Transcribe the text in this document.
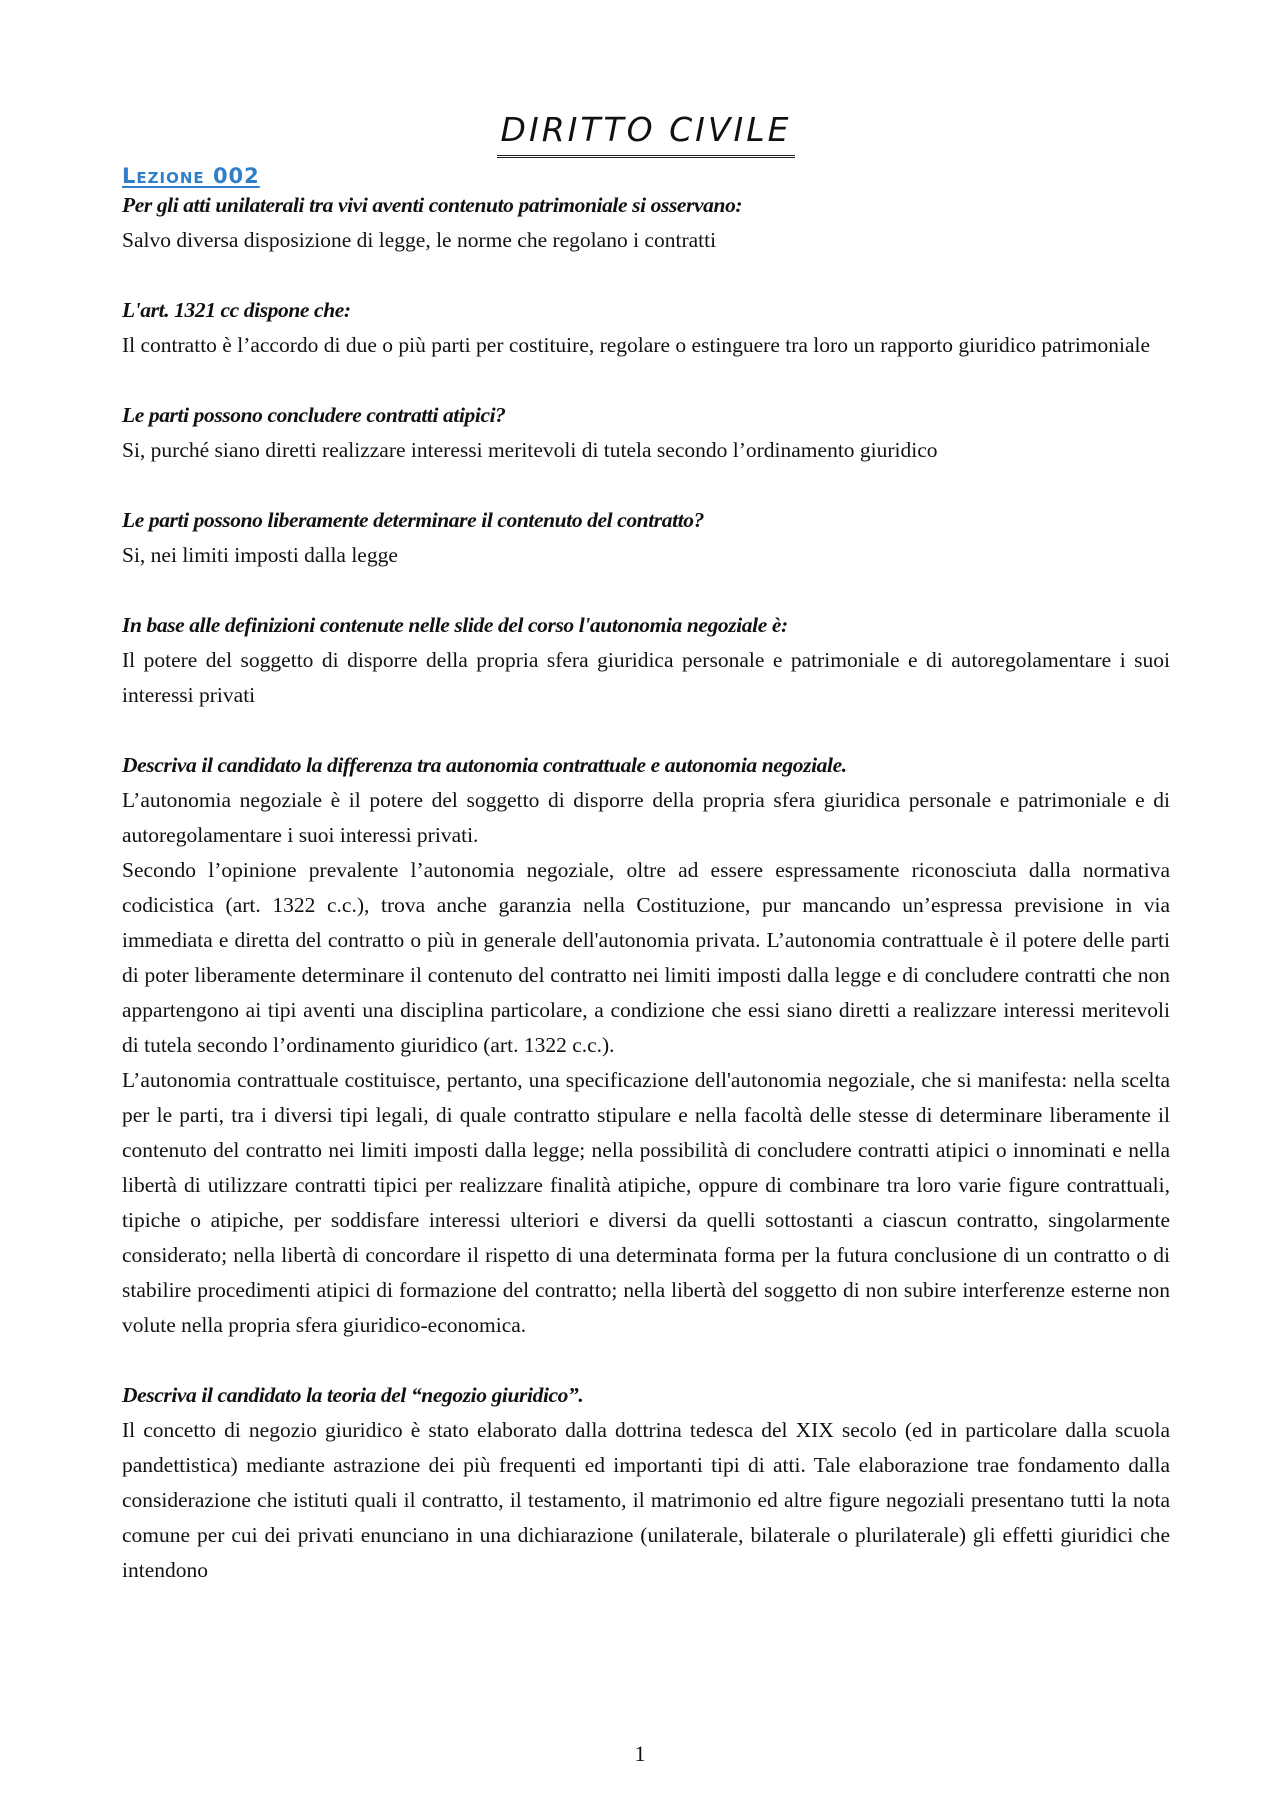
DIRITTO CIVILE
Lezione 002

Per gli atti unilaterali tra vivi aventi contenuto patrimoniale si osservano:

Salvo diversa disposizione di legge, le norme che regolano i contratti

L'art. 1321 cc dispone che:

Il contratto è l’accordo di due o più parti per costituire, regolare o estinguere tra loro un rapporto giuridico patrimoniale

Le parti possono concludere contratti atipici?

Si, purché siano diretti realizzare interessi meritevoli di tutela secondo l’ordinamento giuridico

Le parti possono liberamente determinare il contenuto del contratto?

Si, nei limiti imposti dalla legge

In base alle definizioni contenute nelle slide del corso l'autonomia negoziale è:

Il potere del soggetto di disporre della propria sfera giuridica personale e patrimoniale e di autoregolamentare i suoi interessi privati

Descriva il candidato la differenza tra autonomia contrattuale e autonomia negoziale.

L’autonomia negoziale è il potere del soggetto di disporre della propria sfera giuridica personale e patrimoniale e di autoregolamentare i suoi interessi privati.

Secondo l’opinione prevalente l’autonomia negoziale, oltre ad essere espressamente riconosciuta dalla normativa codicistica (art. 1322 c.c.), trova anche garanzia nella Costituzione, pur mancando un’espressa previsione in via immediata e diretta del contratto o più in generale dell'autonomia privata. L’autonomia contrattuale è il potere delle parti di poter liberamente determinare il contenuto del contratto nei limiti imposti dalla legge e di concludere contratti che non appartengono ai tipi aventi una disciplina particolare, a condizione che essi siano diretti a realizzare interessi meritevoli di tutela secondo l’ordinamento giuridico (art. 1322 c.c.).

L’autonomia contrattuale costituisce, pertanto, una specificazione dell'autonomia negoziale, che si manifesta: nella scelta per le parti, tra i diversi tipi legali, di quale contratto stipulare e nella facoltà delle stesse di determinare liberamente il contenuto del contratto nei limiti imposti dalla legge; nella possibilità di concludere contratti atipici o innominati e nella libertà di utilizzare contratti tipici per realizzare finalità atipiche, oppure di combinare tra loro varie figure contrattuali, tipiche o atipiche, per soddisfare interessi ulteriori e diversi da quelli sottostanti a ciascun contratto, singolarmente considerato; nella libertà di concordare il rispetto di una determinata forma per la futura conclusione di un contratto o di stabilire procedimenti atipici di formazione del contratto; nella libertà del soggetto di non subire interferenze esterne non volute nella propria sfera giuridico-economica.

Descriva il candidato la teoria del “negozio giuridico”.

Il concetto di negozio giuridico è stato elaborato dalla dottrina tedesca del XIX secolo (ed in particolare dalla scuola pandettistica) mediante astrazione dei più frequenti ed importanti tipi di atti. Tale elaborazione trae fondamento dalla considerazione che istituti quali il contratto, il testamento, il matrimonio ed altre figure negoziali presentano tutti la nota comune per cui dei privati enunciano in una dichiarazione (unilaterale, bilaterale o plurilaterale) gli effetti giuridici che intendono

1
